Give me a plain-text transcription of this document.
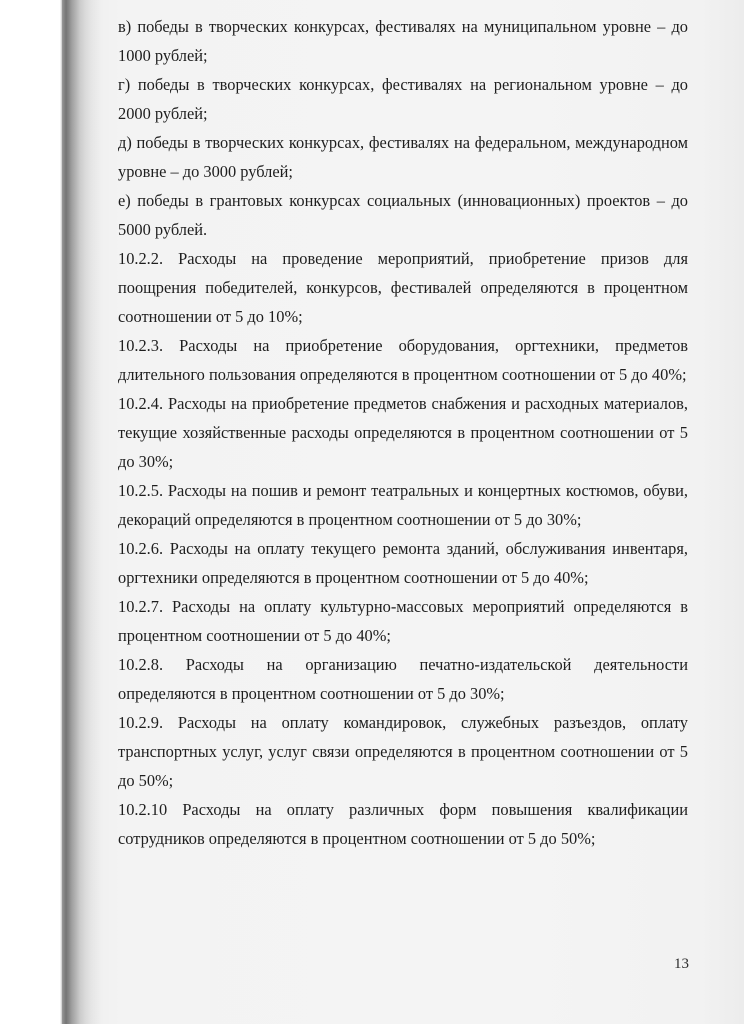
в) победы в творческих конкурсах, фестивалях на муниципальном уровне – до 1000 рублей;

г) победы в творческих конкурсах, фестивалях на региональном уровне – до 2000 рублей;

д) победы в творческих конкурсах, фестивалях на федеральном, международном уровне – до 3000 рублей;

е) победы в грантовых конкурсах социальных (инновационных) проектов – до 5000 рублей.

10.2.2. Расходы на проведение мероприятий, приобретение призов для поощрения победителей, конкурсов, фестивалей определяются в процентном соотношении от 5 до 10%;

10.2.3. Расходы на приобретение оборудования, оргтехники, предметов длительного пользования определяются в процентном соотношении от 5 до 40%;

10.2.4. Расходы на приобретение предметов снабжения и расходных материалов, текущие хозяйственные расходы определяются в процентном соотношении от 5 до 30%;

10.2.5. Расходы на пошив и ремонт театральных и концертных костюмов, обуви, декораций определяются в процентном соотношении от 5 до 30%;

10.2.6. Расходы на оплату текущего ремонта зданий, обслуживания инвентаря, оргтехники определяются в процентном соотношении от 5 до 40%;

10.2.7. Расходы на оплату культурно-массовых мероприятий определяются в процентном соотношении от 5 до 40%;

10.2.8. Расходы на организацию печатно-издательской деятельности определяются в процентном соотношении от 5 до 30%;

10.2.9. Расходы на оплату командировок, служебных разъездов, оплату транспортных услуг, услуг связи определяются в процентном соотношении от 5 до 50%;

10.2.10 Расходы на оплату различных форм повышения квалификации сотрудников определяются в процентном соотношении от 5 до 50%;

13
